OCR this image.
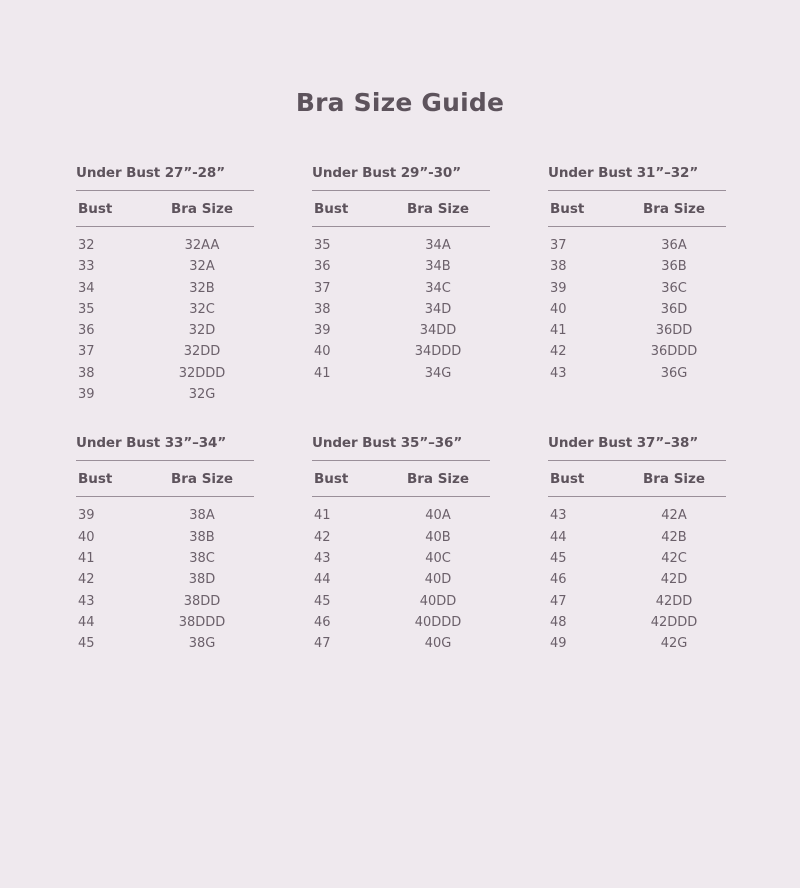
Bra Size Guide
Under Bust 27”-28”
Bust	Bra Size
32	32AA
33	32A
34	32B
35	32C
36	32D
37	32DD
38	32DDD
39	32G
Under Bust 29”-30”
Bust	Bra Size
35	34A
36	34B
37	34C
38	34D
39	34DD
40	34DDD
41	34G
Under Bust 31”–32”
Bust	Bra Size
37	36A
38	36B
39	36C
40	36D
41	36DD
42	36DDD
43	36G
Under Bust 33”–34”
Bust	Bra Size
39	38A
40	38B
41	38C
42	38D
43	38DD
44	38DDD
45	38G
Under Bust 35”–36”
Bust	Bra Size
41	40A
42	40B
43	40C
44	40D
45	40DD
46	40DDD
47	40G
Under Bust 37”–38”
Bust	Bra Size
43	42A
44	42B
45	42C
46	42D
47	42DD
48	42DDD
49	42G
